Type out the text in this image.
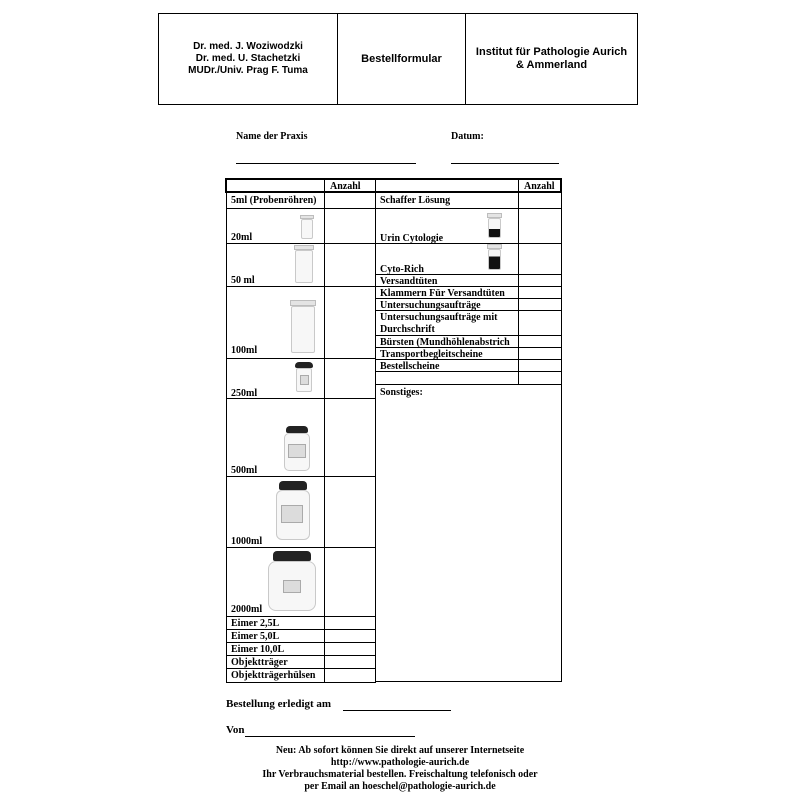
Dr. med. J. Woziwodzki
Dr. med. U. Stachetzki
MUDr./Univ. Prag F. Tuma
Bestellformular
Institut für Pathologie Aurich
& Ammerland
Name der Praxis	Datum:
Anzahl	Anzahl
5ml (Probenröhren)
20ml
50 ml
100ml
250ml
500ml
1000ml
2000ml
Eimer 2,5L
Eimer 5,0L
Eimer 10,0L
Objektträger
Objektträgerhülsen
Schaffer Lösung
Urin Cytologie
Cyto-Rich
Versandtüten
Klammern Für Versandtüten
Untersuchungsaufträge
Untersuchungsaufträge mit
Durchschrift
Bürsten (Mundhöhlenabstrich
Transportbegleitscheine
Bestellscheine
Sonstiges:
Bestellung erledigt am
Von
Neu: Ab sofort können Sie direkt auf unserer Internetseite
http://www.pathologie-aurich.de
Ihr Verbrauchsmaterial bestellen. Freischaltung telefonisch oder
per Email an hoeschel@pathologie-aurich.de
